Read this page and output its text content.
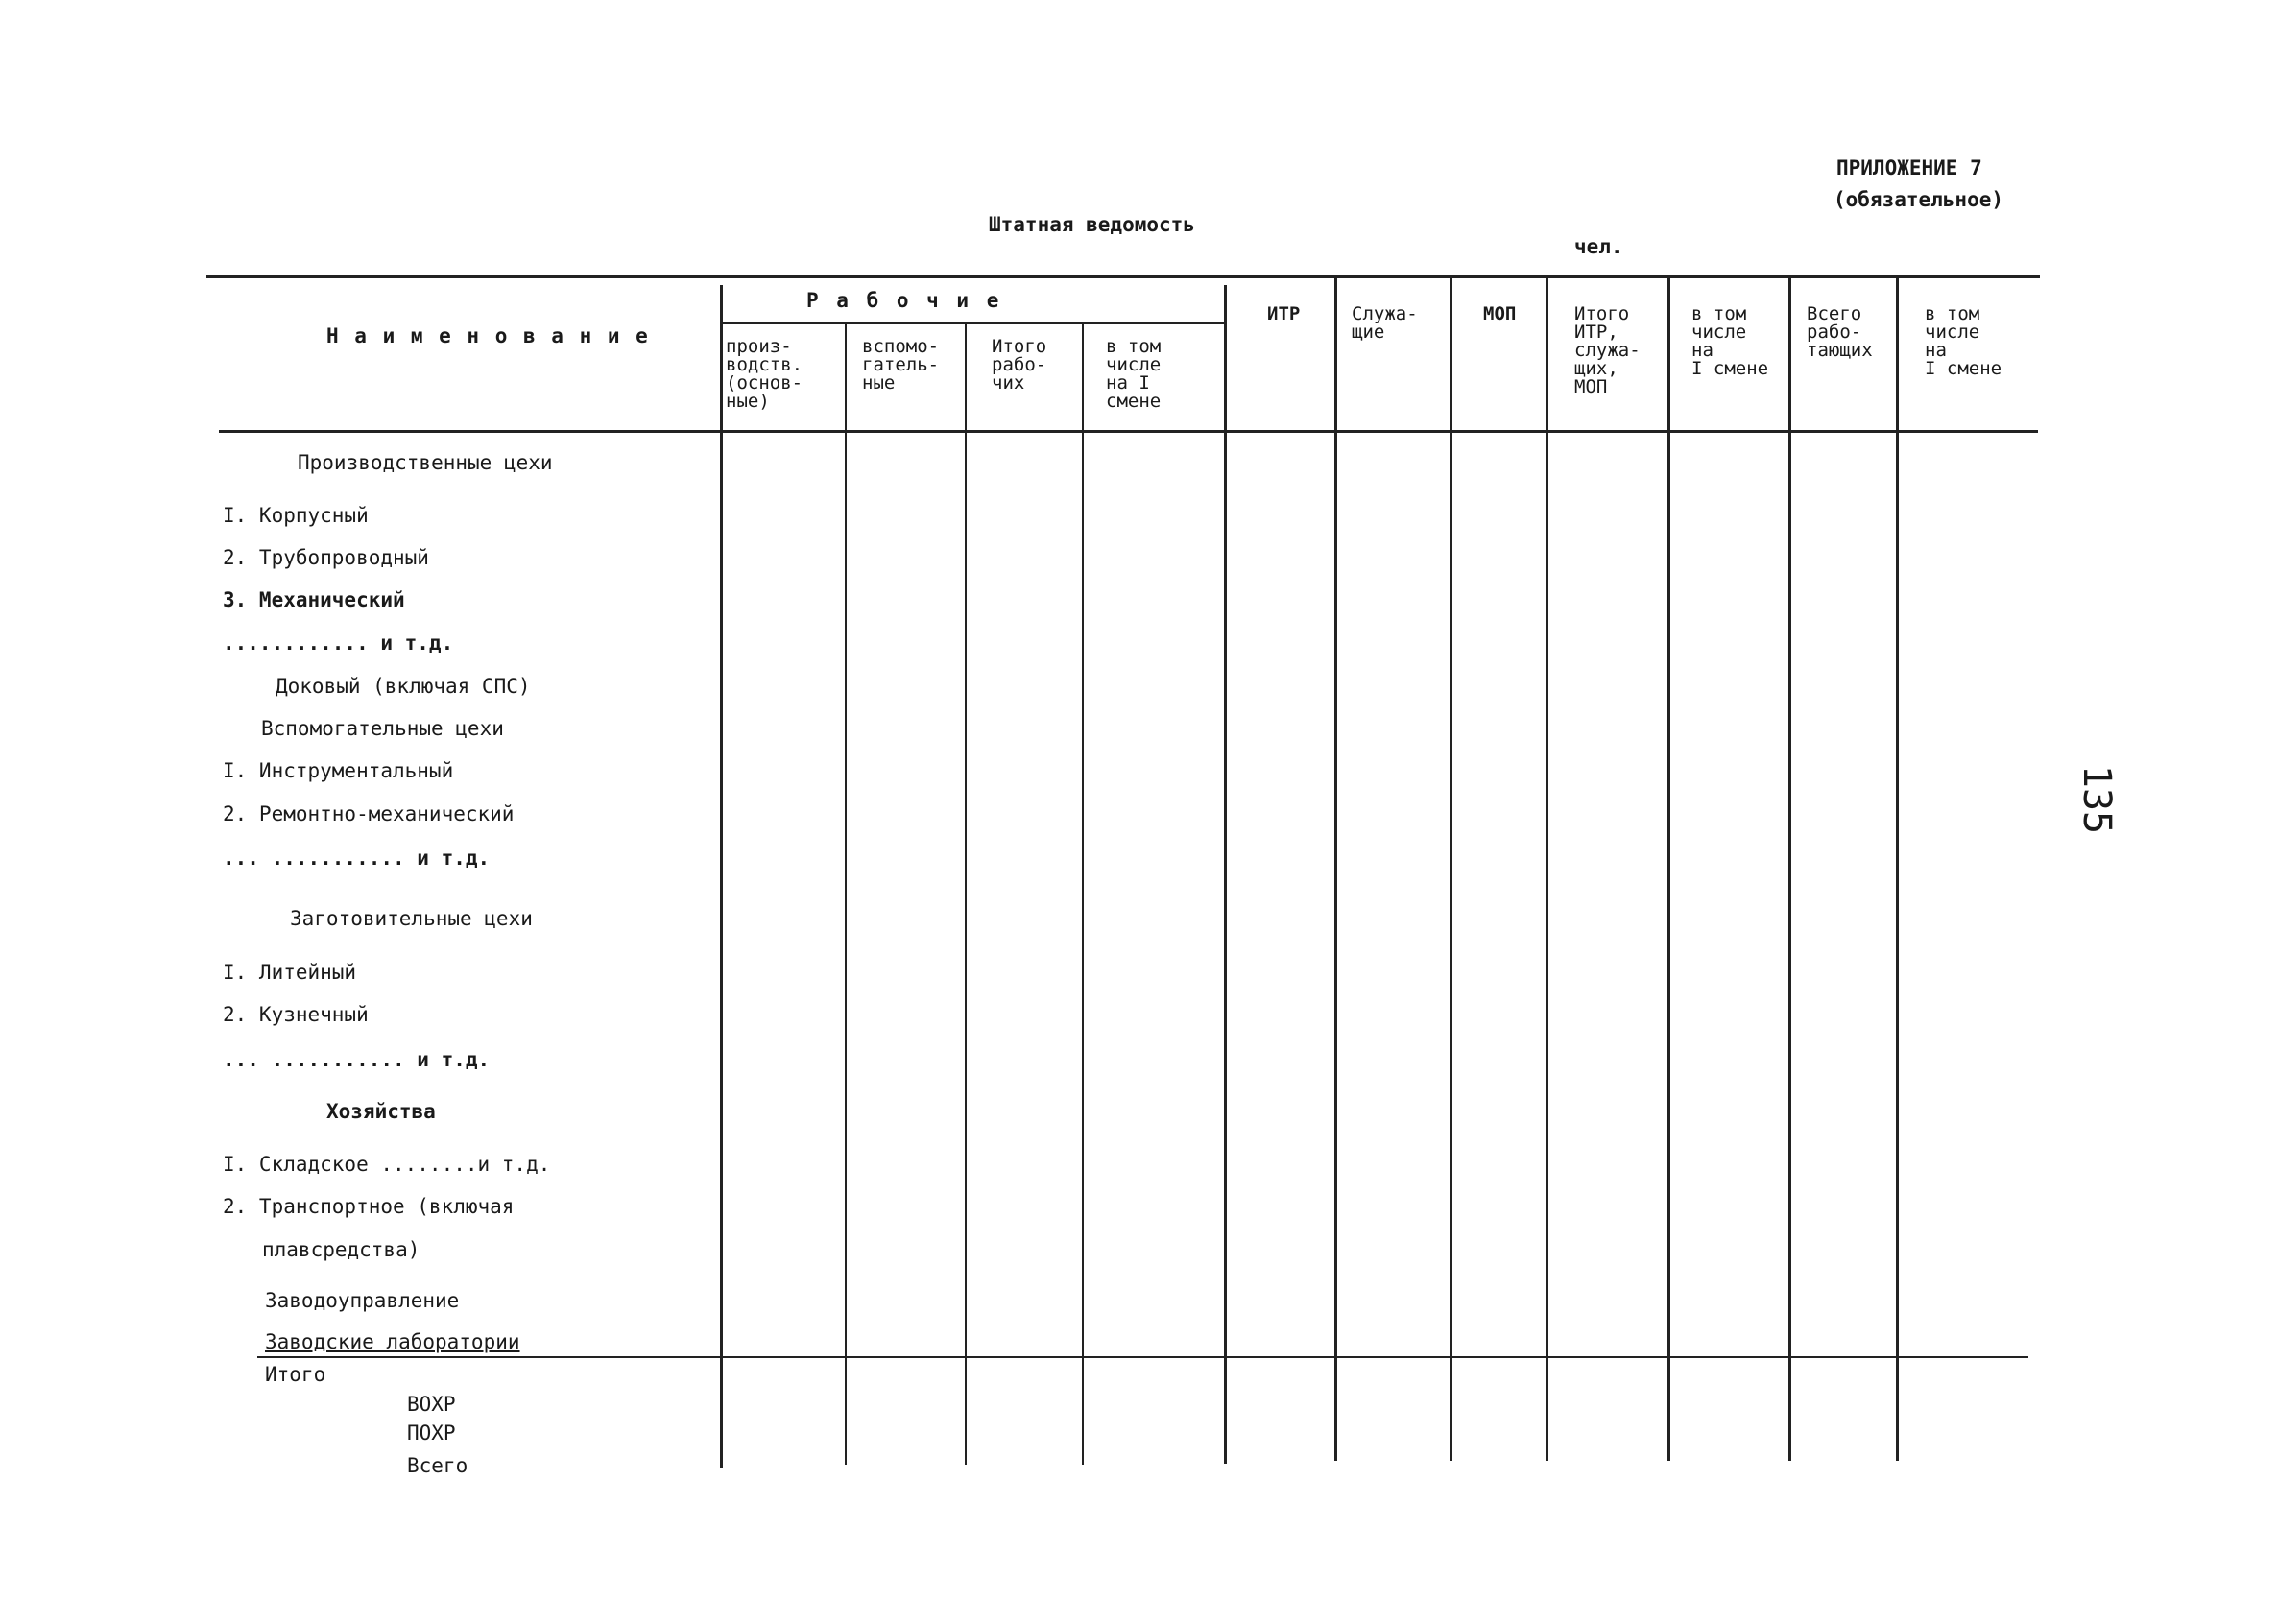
ПРИЛОЖЕНИЕ 7
(обязательное)
Штатная ведомость
чел.
135
Н а и м е н о в а н и е
Р а б о ч и е
произ-
водств.
(основ-
ные)
вспомо-
гатель-
ные
Итого
рабо-
чих
в том
числе
на I
смене
ИТР	Служа-
щие
МОП	Итого
ИТР,
служа-
щих,
МОП
в том
числе
на
I смене
Всего
рабо-
тающих
в том
числе
на
I смене
Производственные цехи
I. Корпусный
2. Трубопроводный
3. Механический
............ и т.д.
Доковый (включая СПС)
Вспомогательные цехи
I. Инструментальный
2. Ремонтно-механический
... ........... и т.д.
Заготовительные цехи
I. Литейный
2. Кузнечный
... ........... и т.д.
Хозяйства
I. Складское ........и т.д.
2. Транспортное (включая
плавсредства)
Заводоуправление
Заводские лаборатории
Итого
ВОХР
ПОХР
Всего
